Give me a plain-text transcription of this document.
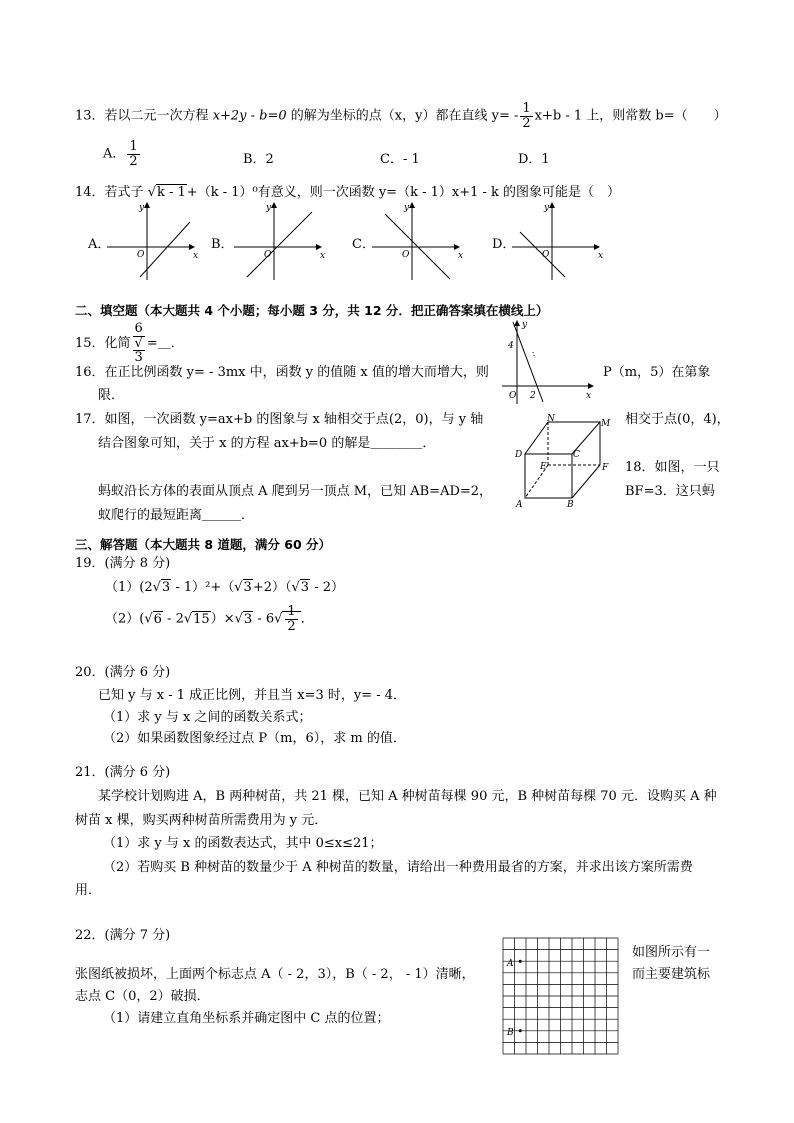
13．若以二元一次方程 x+2y - b=0 的解为坐标的点（x，y）都在直线 $y= - \frac{1}{2} x+b - 1$ 上，则常数 b=（　　）
A． $\frac{1}{2}$	B．2	C．- 1	D．1
14．若式子 √k - 1+（k - 1）⁰有意义，则一次函数 y=（k - 1）x+1 - k 的图象可能是（　）
A．	B．	C．	D．
y
x
O
y
x
O
y
x
O
y
x
O
二、填空题（本大题共 4 个小题；每小题 3 分，共 12 分．把正确答案填在横线上）
15．化简 6
√
3 =＿．
16．在正比例函数 y= - 3mx 中，函数 y 的值随 x 值的增大而增大，则	P（m，5）在第象
限．
y
x
4
O 2
17．如图，一次函数 y=ax+b 的图象与 x 轴相交于点(2，0)，与 y 轴	相交于点(0，4)，
结合图象可知，关于 x 的方程 ax+b=0 的解是＿＿＿＿．
N	M
D	C
E	F
A	B
18．如图，一只
BF=3．这只蚂
蚂蚁沿长方体的表面从顶点 A 爬到另一顶点 M，已知 AB=AD=2，
蚁爬行的最短距离＿＿＿．
三、解答题（本大题共 8 道题，满分 60 分）
19．(满分 8 分)
（1）(2√3 - 1）²+（√3+2）（√3 - 2）
$(2)(√6 - 2√15)\times√3 - 6√ \frac{1}{2}$ ．
20．(满分 6 分)
已知 y 与 x - 1 成正比例，并且当 x=3 时，y= - 4．
（1）求 y 与 x 之间的函数关系式；
（2）如果函数图象经过点 P（m，6），求 m 的值．
21．(满分 6 分)
某学校计划购进 A，B 两种树苗，共 21 棵，已知 A 种树苗每棵 90 元，B 种树苗每棵 70 元．设购买 A 种
树苗 x 棵，购买两种树苗所需费用为 y 元．
（1）求 y 与 x 的函数表达式，其中 0≤x≤21；
（2）若购买 B 种树苗的数量少于 A 种树苗的数量，请给出一种费用最省的方案，并求出该方案所需费
用．
22．(满分 7 分)
如图所示有一
而主要建筑标
张图纸被损坏，上面两个标志点 A（ - 2，3），B（ - 2， - 1）清晰，
志点 C（0，2）破损．
（1）请建立直角坐标系并确定图中 C 点的位置；
A
B
